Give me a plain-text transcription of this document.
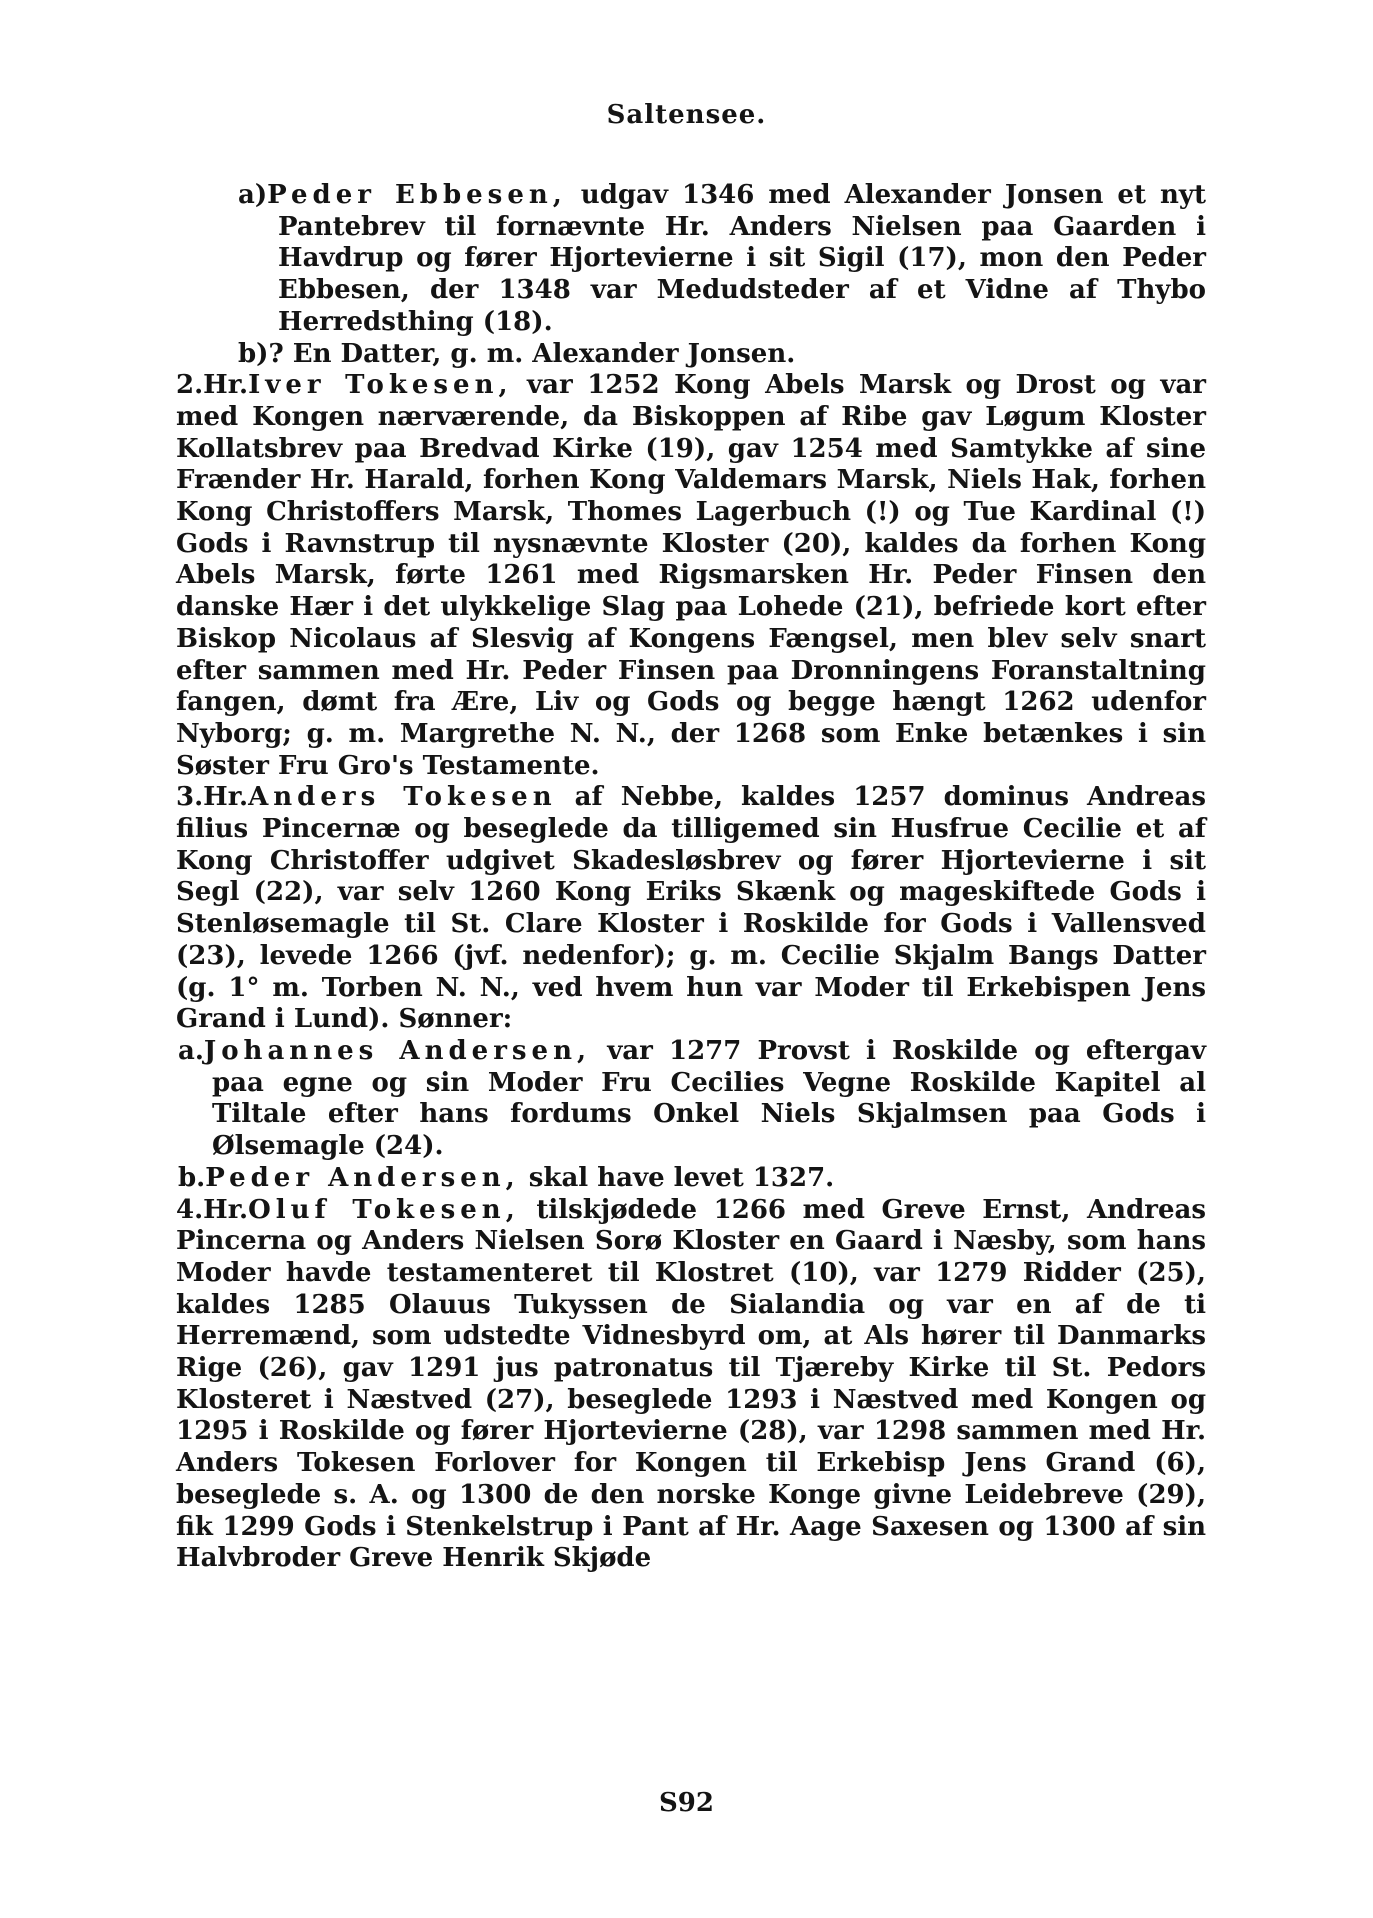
Saltensee.

a)Peder Ebbesen, udgav 1346 med Alexander Jonsen et nyt Pantebrev til fornævnte Hr. Anders Nielsen paa Gaarden i Havdrup og fører Hjortevierne i sit Sigil (17), mon den Peder Ebbesen, der 1348 var Medudsteder af et Vidne af Thybo Herredsthing (18).

b)? En Datter, g. m. Alexander Jonsen.

2.Hr.Iver Tokesen, var 1252 Kong Abels Marsk og Drost og var med Kongen nærværende, da Biskoppen af Ribe gav Løgum Kloster Kollatsbrev paa Bredvad Kirke (19), gav 1254 med Samtykke af sine Frænder Hr. Harald, forhen Kong Valdemars Marsk, Niels Hak, forhen Kong Christoffers Marsk, Thomes Lagerbuch (!) og Tue Kardinal (!) Gods i Ravnstrup til nysnævnte Kloster (20), kaldes da forhen Kong Abels Marsk, førte 1261 med Rigsmarsken Hr. Peder Finsen den danske Hær i det ulykkelige Slag paa Lohede (21), befriede kort efter Biskop Nicolaus af Slesvig af Kongens Fængsel, men blev selv snart efter sammen med Hr. Peder Finsen paa Dronningens Foranstaltning fangen, dømt fra Ære, Liv og Gods og begge hængt 1262 udenfor Nyborg; g. m. Margrethe N. N., der 1268 som Enke betænkes i sin Søster Fru Gro's Testamente.

3.Hr.Anders Tokesen af Nebbe, kaldes 1257 dominus Andreas filius Pincernæ og beseglede da tilligemed sin Husfrue Cecilie et af Kong Christoffer udgivet Skadesløsbrev og fører Hjortevierne i sit Segl (22), var selv 1260 Kong Eriks Skænk og mageskiftede Gods i Stenløsemagle til St. Clare Kloster i Roskilde for Gods i Vallensved (23), levede 1266 (jvf. nedenfor); g. m. Cecilie Skjalm Bangs Datter (g. 1° m. Torben N. N., ved hvem hun var Moder til Erkebispen Jens Grand i Lund). Sønner:

a.Johannes Andersen, var 1277 Provst i Roskilde og eftergav paa egne og sin Moder Fru Cecilies Vegne Roskilde Kapitel al Tiltale efter hans fordums Onkel Niels Skjalmsen paa Gods i Ølsemagle (24).

b.Peder Andersen, skal have levet 1327.

4.Hr.Oluf Tokesen, tilskjødede 1266 med Greve Ernst, Andreas Pincerna og Anders Nielsen Sorø Kloster en Gaard i Næsby, som hans Moder havde testamenteret til Klostret (10), var 1279 Ridder (25), kaldes 1285 Olauus Tukyssen de Sialandia og var en af de ti Herremænd, som udstedte Vidnesbyrd om, at Als hører til Danmarks Rige (26), gav 1291 jus patronatus til Tjæreby Kirke til St. Pedors Klosteret i Næstved (27), beseglede 1293 i Næstved med Kongen og 1295 i Roskilde og fører Hjortevierne (28), var 1298 sammen med Hr. Anders Tokesen Forlover for Kongen til Erkebisp Jens Grand (6), beseglede s. A. og 1300 de den norske Konge givne Leidebreve (29), fik 1299 Gods i Stenkelstrup i Pant af Hr. Aage Saxesen og 1300 af sin Halvbroder Greve Henrik Skjøde

S92
